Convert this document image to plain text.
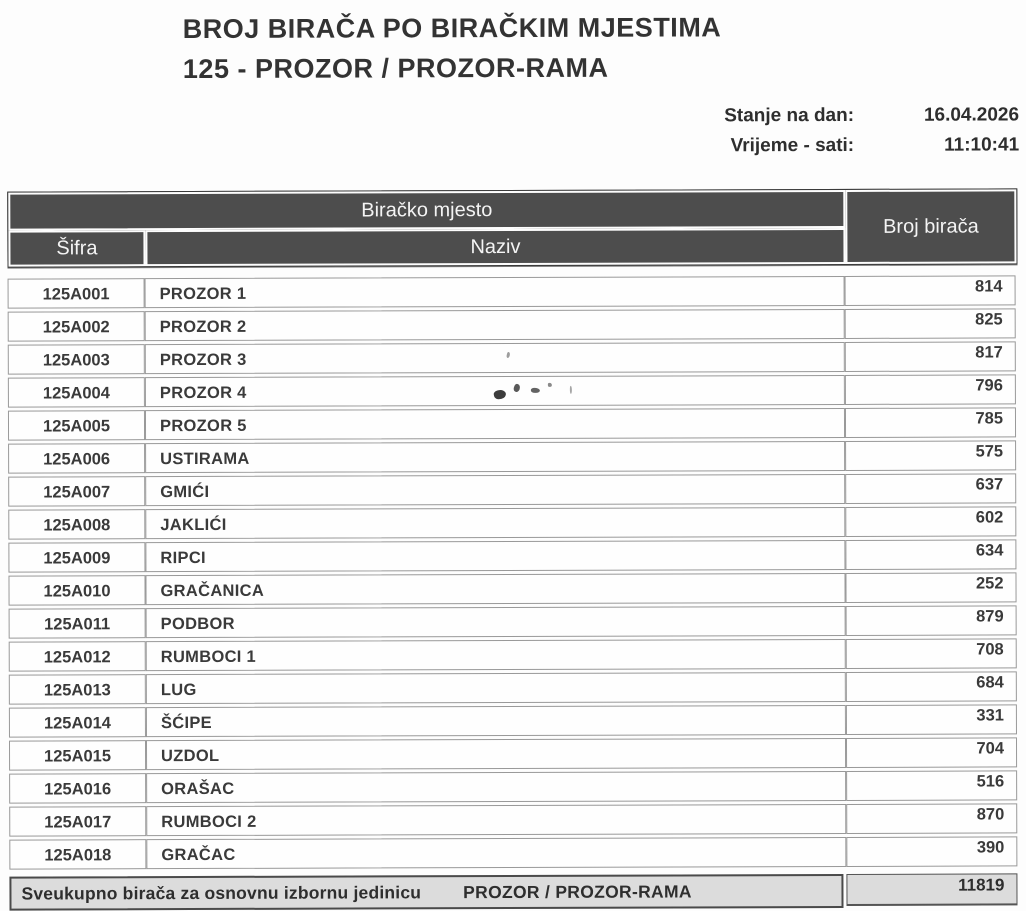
BROJ BIRAČA PO BIRAČKIM MJESTIMA
125 - PROZOR / PROZOR-RAMA
Stanje na dan:	16.04.2026
Vrijeme - sati:	11:10:41
Biračko mjesto		Broj birača
Šifra	Naziv	
125A001	PROZOR 1	814
125A002	PROZOR 2	825
125A003	PROZOR 3	817
125A004	PROZOR 4	796
125A005	PROZOR 5	785
125A006	USTIRAMA	575
125A007	GMIĆI	637
125A008	JAKLIĆI	602
125A009	RIPCI	634
125A010	GRAČANICA	252
125A011	PODBOR	879
125A012	RUMBOCI 1	708
125A013	LUG	684
125A014	ŠĆIPE	331
125A015	UZDOL	704
125A016	ORAŠAC	516
125A017	RUMBOCI 2	870
125A018	GRAČAC	390
Sveukupno birača za osnovnu izbornu jedinicu	PROZOR / PROZOR-RAMA	11819
